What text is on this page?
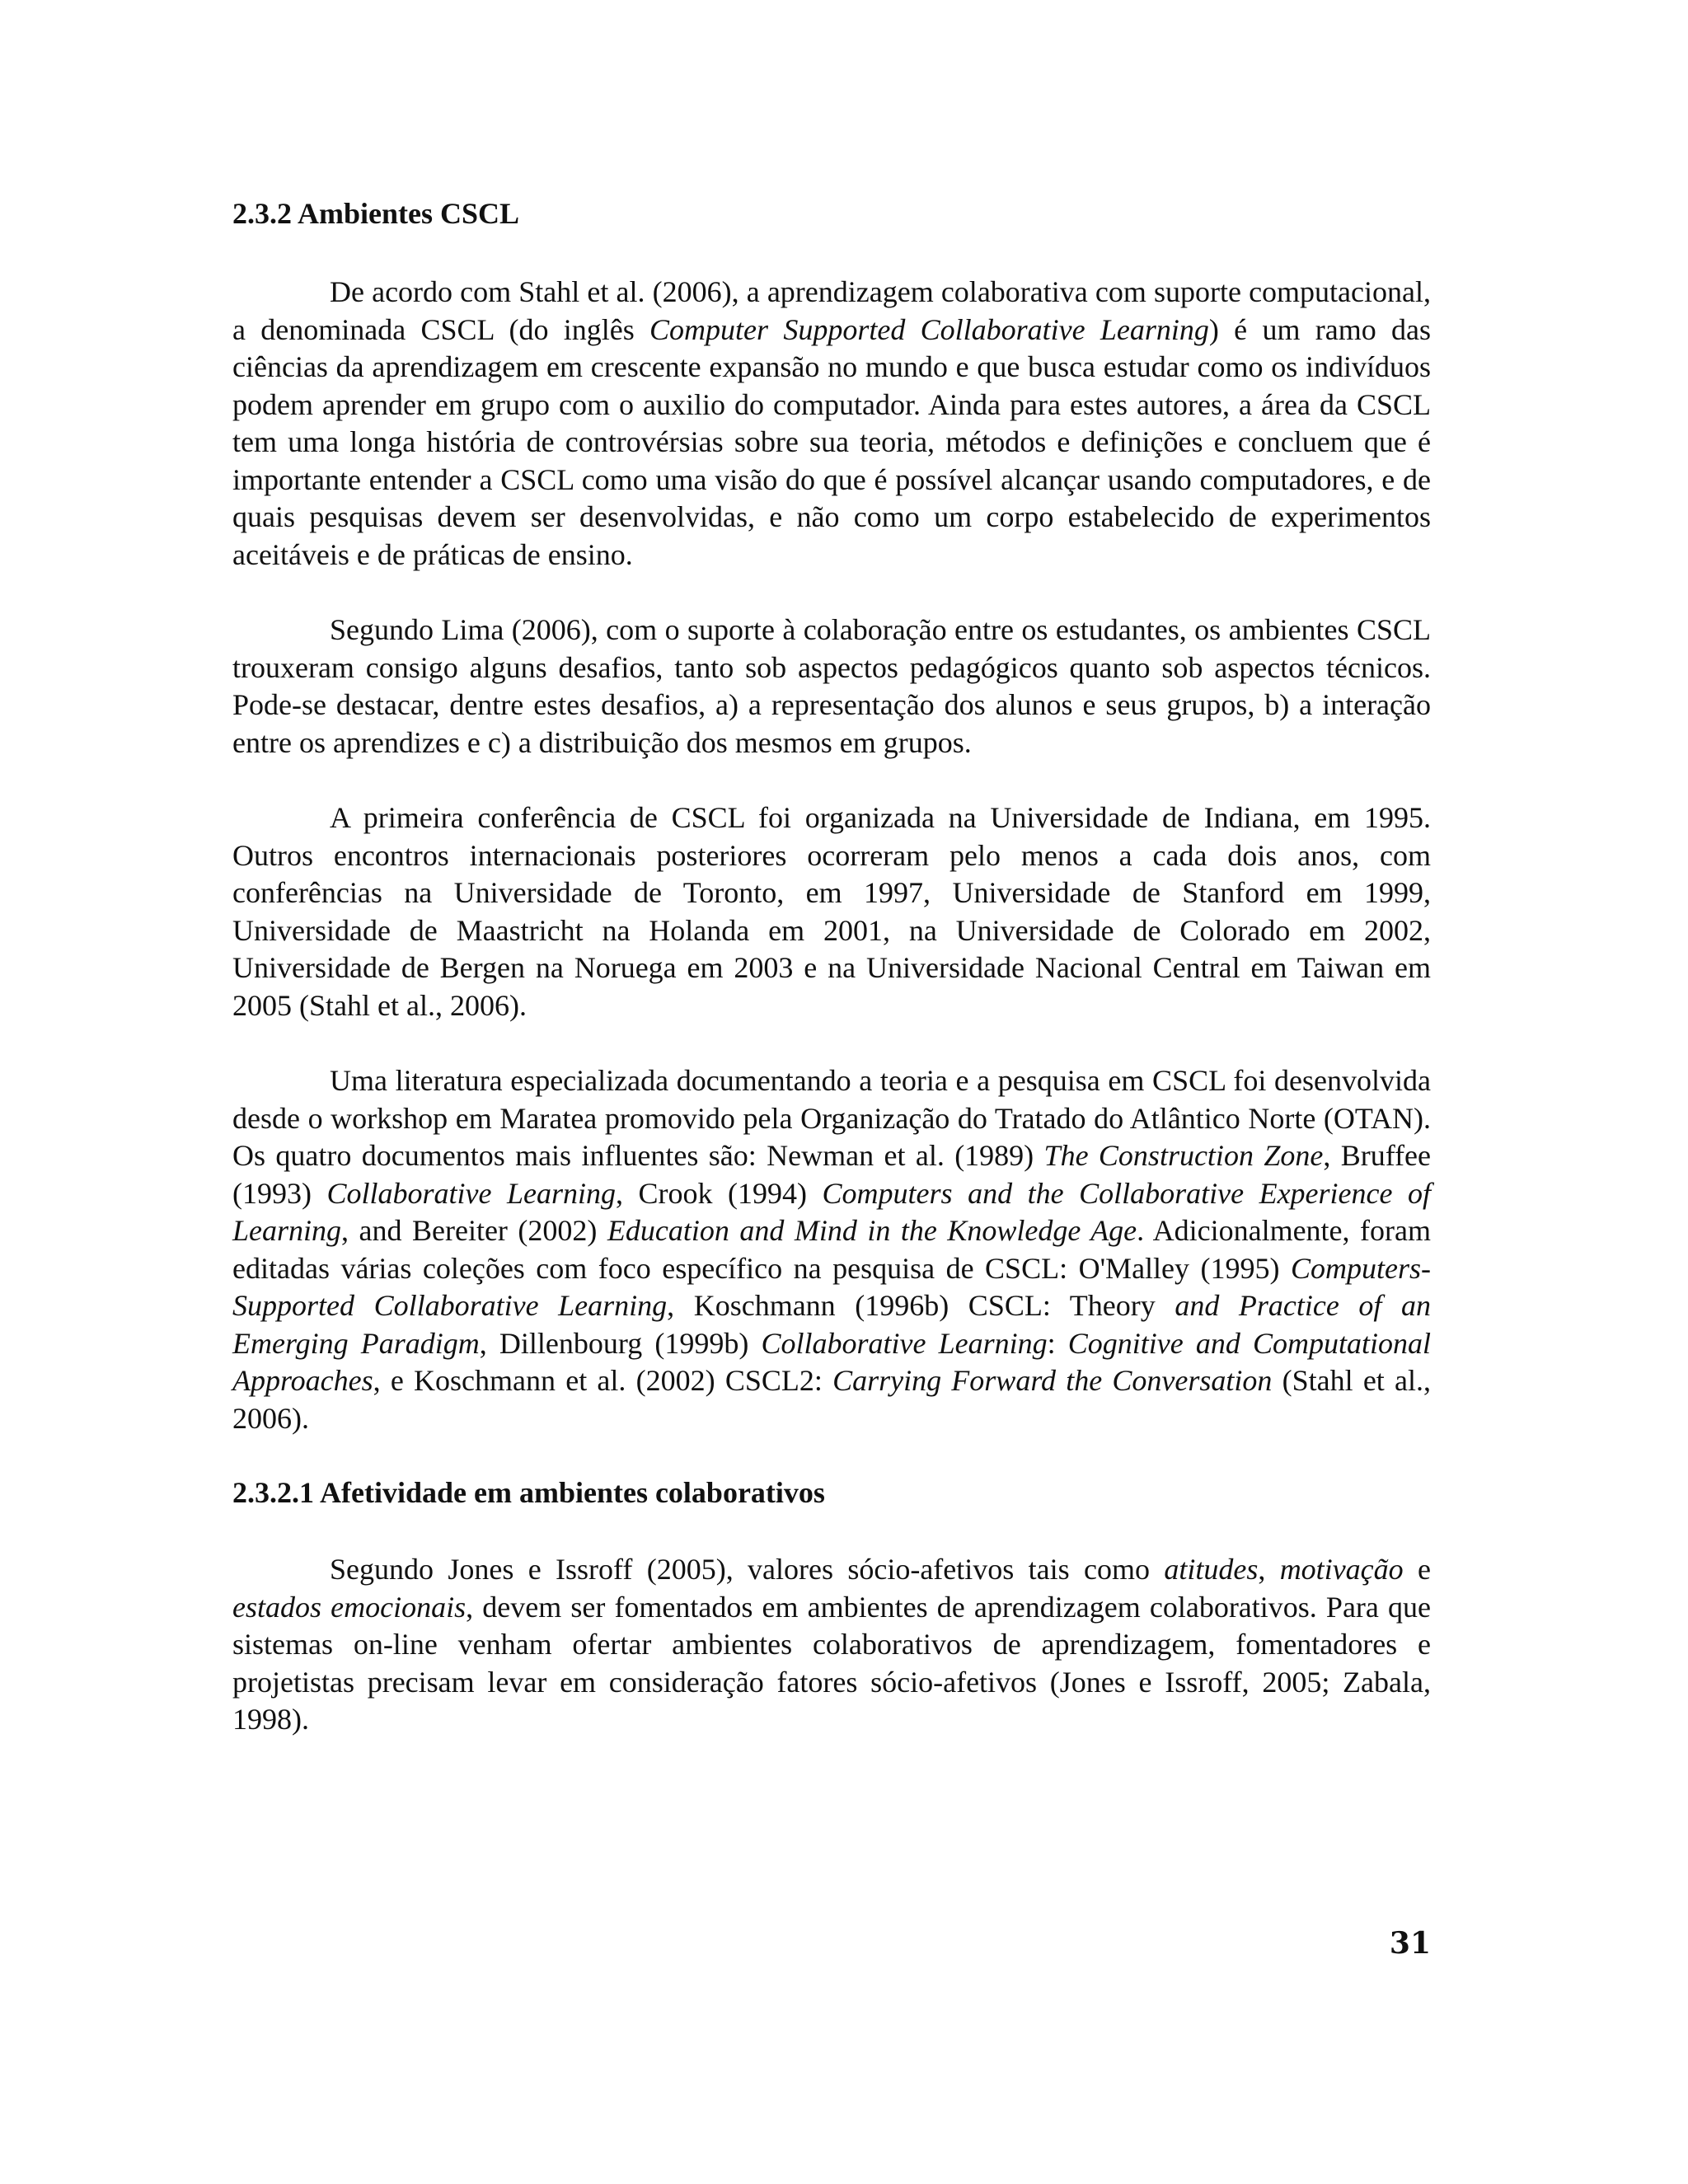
2.3.2 Ambientes CSCL

De acordo com Stahl et al. (2006), a aprendizagem colaborativa com suporte computacional, a denominada CSCL (do inglês Computer Supported Collaborative Learning) é um ramo das ciências da aprendizagem em crescente expansão no mundo e que busca estudar como os indivíduos podem aprender em grupo com o auxilio do computador. Ainda para estes autores, a área da CSCL tem uma longa história de controvérsias sobre sua teoria, métodos e definições e concluem que é importante entender a CSCL como uma visão do que é possível alcançar usando computadores, e de quais pesquisas devem ser desenvolvidas, e não como um corpo estabelecido de experimentos aceitáveis e de práticas de ensino.

Segundo Lima (2006), com o suporte à colaboração entre os estudantes, os ambientes CSCL trouxeram consigo alguns desafios, tanto sob aspectos pedagógicos quanto sob aspectos técnicos. Pode-se destacar, dentre estes desafios, a) a representação dos alunos e seus grupos, b) a interação entre os aprendizes e c) a distribuição dos mesmos em grupos.

A primeira conferência de CSCL foi organizada na Universidade de Indiana, em 1995. Outros encontros internacionais posteriores ocorreram pelo menos a cada dois anos, com conferências na Universidade de Toronto, em 1997, Universidade de Stanford em 1999, Universidade de Maastricht na Holanda em 2001, na Universidade de Colorado em 2002, Universidade de Bergen na Noruega em 2003 e na Universidade Nacional Central em Taiwan em 2005 (Stahl et al., 2006).

Uma literatura especializada documentando a teoria e a pesquisa em CSCL foi desenvolvida desde o workshop em Maratea promovido pela Organização do Tratado do Atlântico Norte (OTAN). Os quatro documentos mais influentes são: Newman et al. (1989) The Construction Zone, Bruffee (1993) Collaborative Learning, Crook (1994) Computers and the Collaborative Experience of Learning, and Bereiter (2002) Education and Mind in the Knowledge Age. Adicionalmente, foram editadas várias coleções com foco específico na pesquisa de CSCL: O'Malley (1995) Computers-Supported Collaborative Learning, Koschmann (1996b) CSCL: Theory and Practice of an Emerging Paradigm, Dillenbourg (1999b) Collaborative Learning: Cognitive and Computational Approaches, e Koschmann et al. (2002) CSCL2: Carrying Forward the Conversation (Stahl et al., 2006).

2.3.2.1 Afetividade em ambientes colaborativos

Segundo Jones e Issroff (2005), valores sócio-afetivos tais como atitudes, motivação e estados emocionais, devem ser fomentados em ambientes de aprendizagem colaborativos. Para que sistemas on-line venham ofertar ambientes colaborativos de aprendizagem, fomentadores e projetistas precisam levar em consideração fatores sócio-afetivos (Jones e Issroff, 2005; Zabala, 1998).

31
